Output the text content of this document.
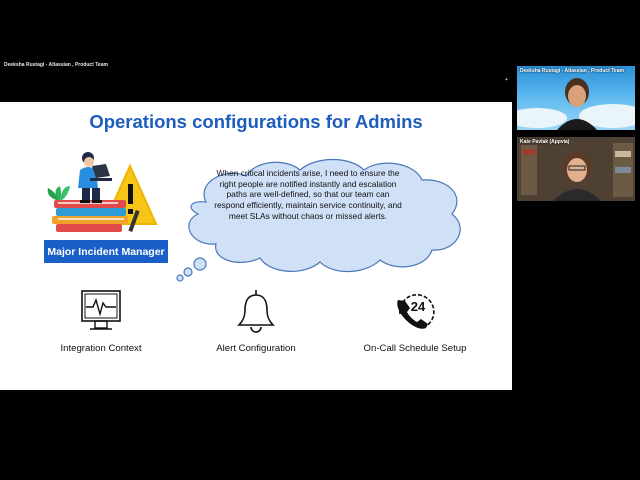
Deeksha Rustagi - Atlassian , Product Team
+
Operations configurations for Admins
Major Incident Manager
When critical incidents arise, I need to ensure the right people are notified instantly and escalation paths are well-defined, so that our team can respond efficiently, maintain service continuity, and meet SLAs without chaos or missed alerts.
Integration Context	Alert Configuration
24
On-Call Schedule Setup
Deeksha Rustagi - Atlassian , Product Team
Kate Pavlak (Appvia)
